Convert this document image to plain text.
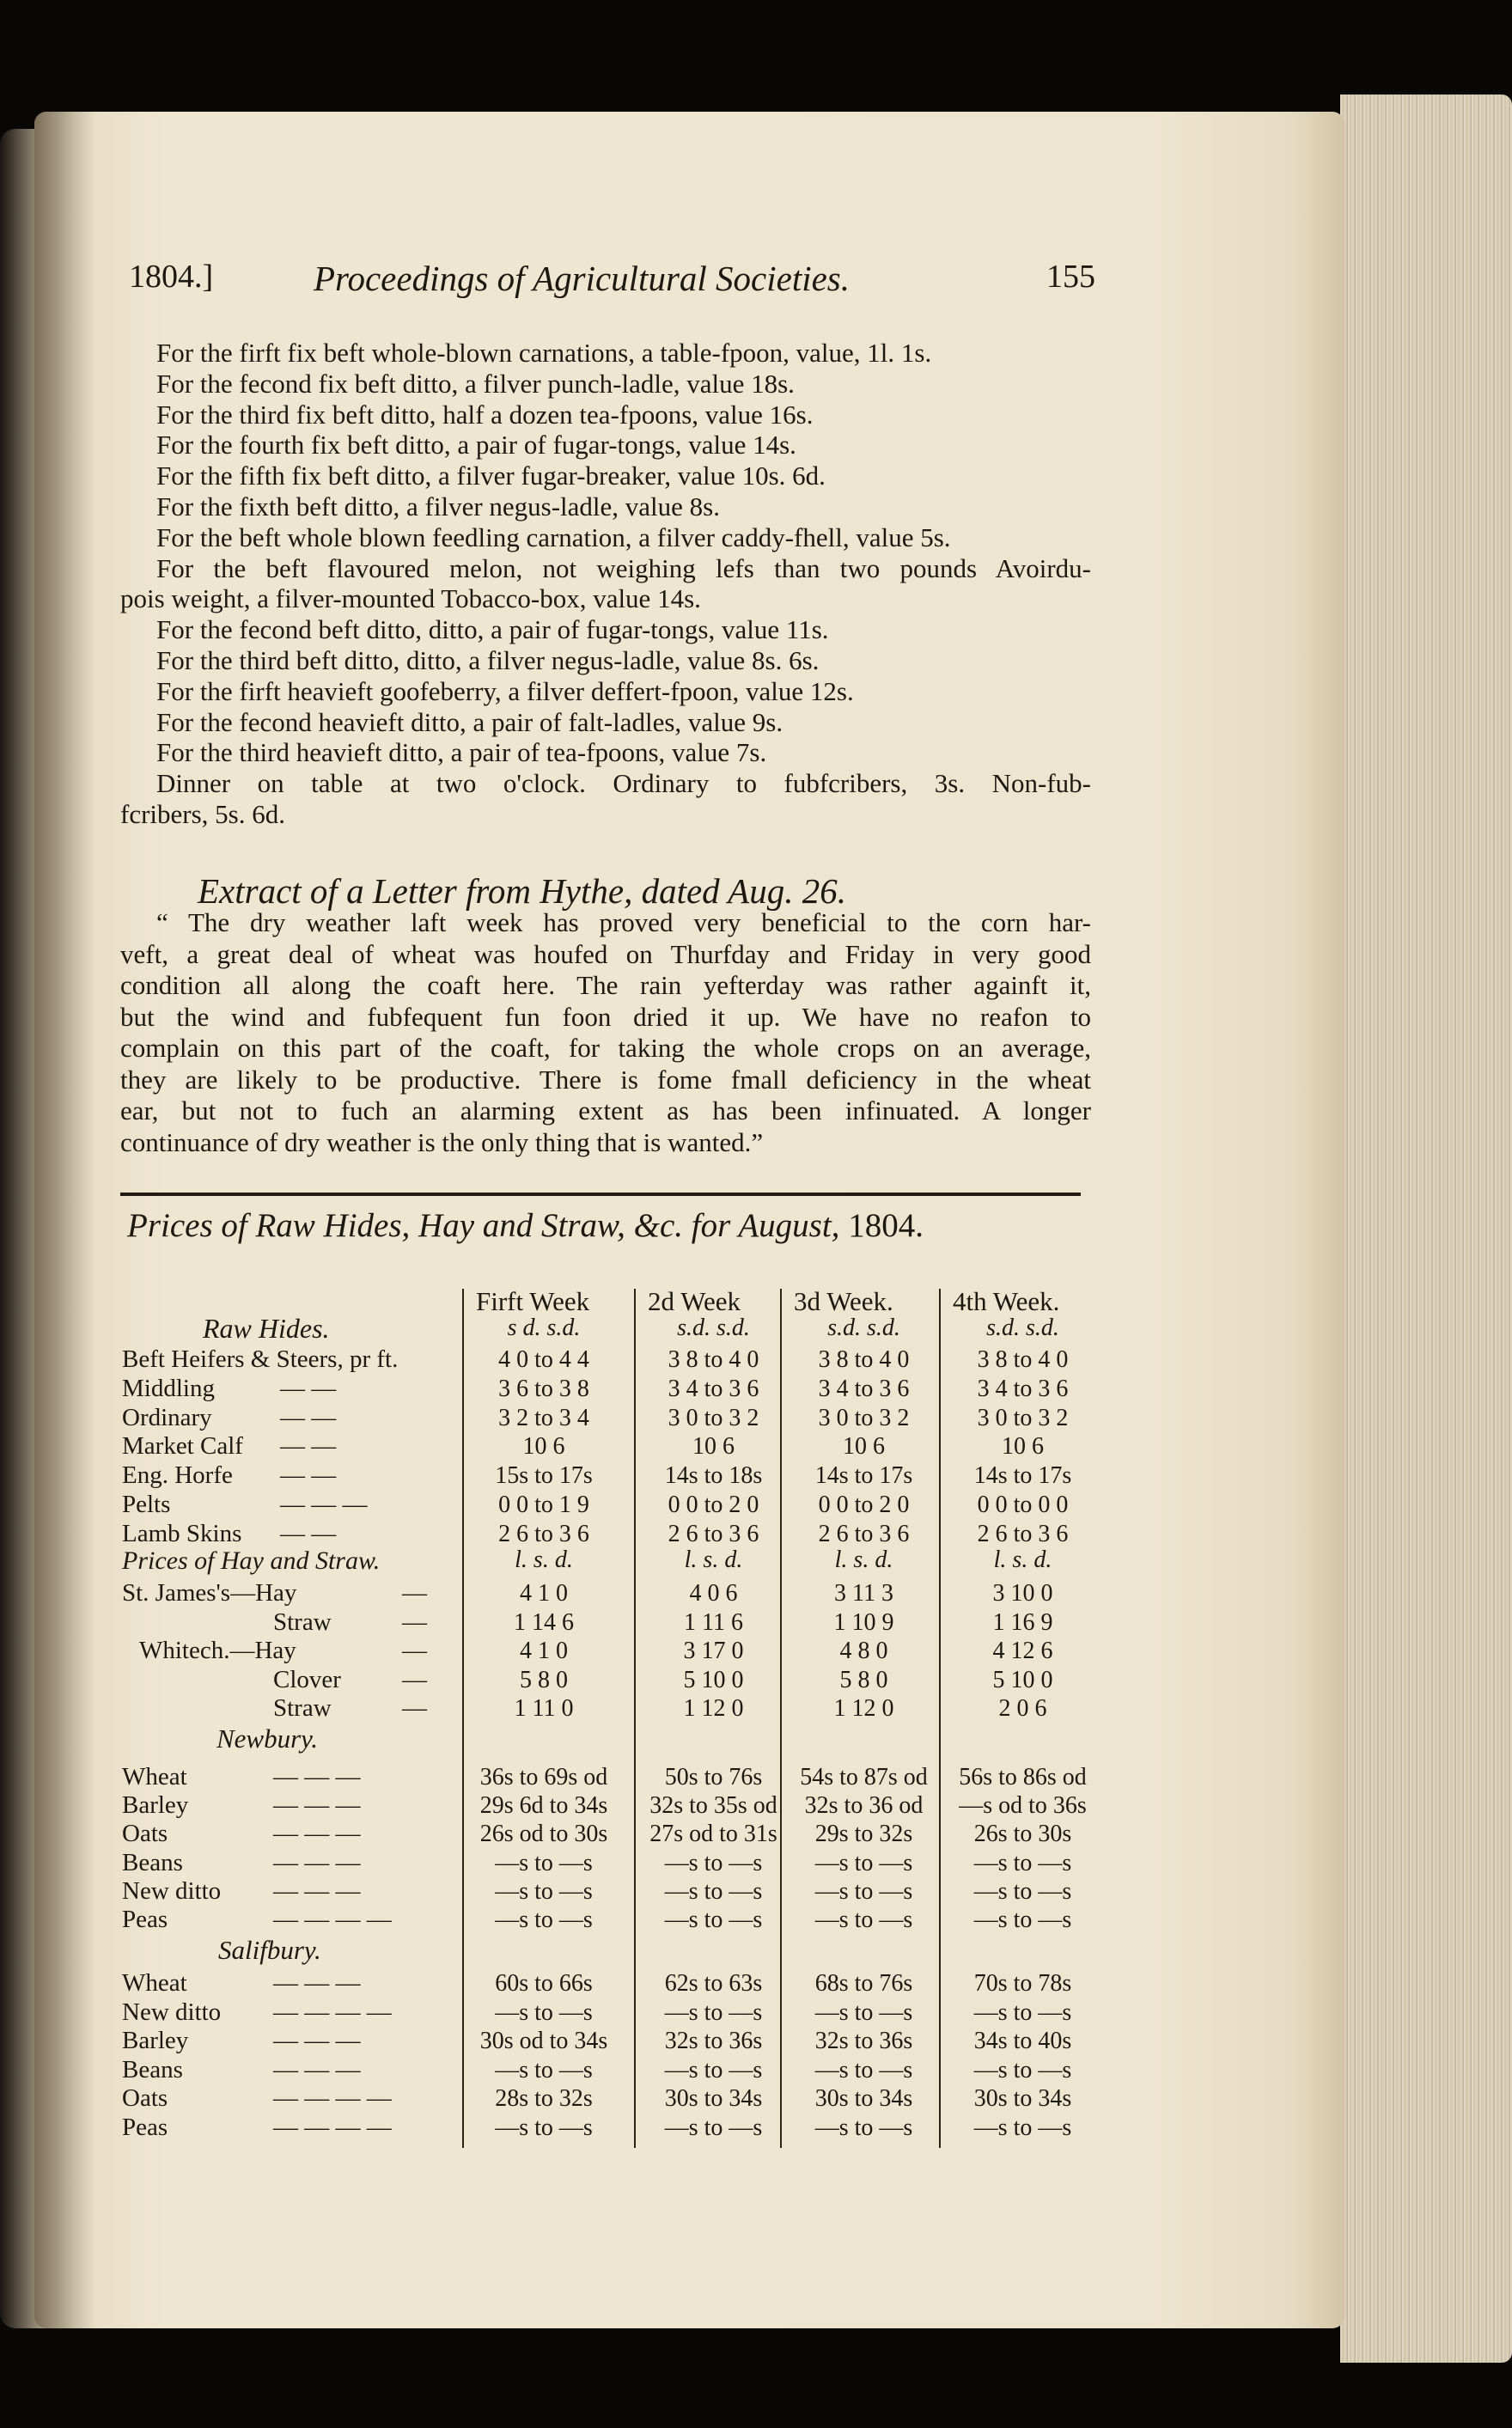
1804.]	Proceedings of Agricultural Societies.	155
For the firft fix beft whole-blown carnations, a table-fpoon, value, 1l. 1s.
For the fecond fix beft ditto, a filver punch-ladle, value 18s.
For the third fix beft ditto, half a dozen tea-fpoons, value 16s.
For the fourth fix beft ditto, a pair of fugar-tongs, value 14s.
For the fifth fix beft ditto, a filver fugar-breaker, value 10s. 6d.
For the fixth beft ditto, a filver negus-ladle, value 8s.
For the beft whole blown feedling carnation, a filver caddy-fhell, value 5s.
For the beft flavoured melon, not weighing lefs than two pounds Avoirdu-
pois weight, a filver-mounted Tobacco-box, value 14s.
For the fecond beft ditto, ditto, a pair of fugar-tongs, value 11s.
For the third beft ditto, ditto, a filver negus-ladle, value 8s. 6s.
For the firft heavieft goofeberry, a filver deffert-fpoon, value 12s.
For the fecond heavieft ditto, a pair of falt-ladles, value 9s.
For the third heavieft ditto, a pair of tea-fpoons, value 7s.
Dinner on table at two o'clock. Ordinary to fubfcribers, 3s. Non-fub-
fcribers, 5s. 6d.
Extract of a Letter from Hythe, dated Aug. 26.
“ The dry weather laft week has proved very beneficial to the corn har-
veft, a great deal of wheat was houfed on Thurfday and Friday in very good
condition all along the coaft here. The rain yefterday was rather againft it,
but the wind and fubfequent fun foon dried it up. We have no reafon to
complain on this part of the coaft, for taking the whole crops on an average,
they are likely to be productive. There is fome fmall deficiency in the wheat
ear, but not to fuch an alarming extent as has been infinuated. A longer
continuance of dry weather is the only thing that is wanted.”
Prices of Raw Hides, Hay and Straw, &c. for August, 1804.
Firft Week 2d Week 3d Week. 4th Week.
Raw Hides.	s d. s.d.	s.d. s.d.	s.d. s.d.	s.d. s.d.
Beft Heifers & Steers, pr ft.	4 0 to 4 4	3 8 to 4 0	3 8 to 4 0	3 8 to 4 0
Middling	— —	3 6 to 3 8	3 4 to 3 6	3 4 to 3 6	3 4 to 3 6
Ordinary	— —	3 2 to 3 4	3 0 to 3 2	3 0 to 3 2	3 0 to 3 2
Market Calf — —	10 6	10 6	10 6	10 6
Eng. Horfe — —	15s to 17s	14s to 18s	14s to 17s	14s to 17s
Pelts	— — —	0 0 to 1 9	0 0 to 2 0	0 0 to 2 0	0 0 to 0 0
Lamb Skins — —	2 6 to 3 6	2 6 to 3 6	2 6 to 3 6	2 6 to 3 6
Prices of Hay and Straw.	l. s. d.	l. s. d.	l. s. d.	l. s. d.
St. James's—Hay	—	4 1 0	4 0 6	3 11 3	3 10 0
Straw	—	1 14 6	1 11 6	1 10 9	1 16 9
Whitech.—Hay	—	4 1 0	3 17 0	4 8 0	4 12 6
Clover —	5 8 0	5 10 0	5 8 0	5 10 0
Straw	—	1 11 0	1 12 0	1 12 0	2 0 6
Newbury.
Wheat	— — —	36s to 69s od	50s to 76s	54s to 87s od	56s to 86s od
Barley	— — —	29s 6d to 34s	32s to 35s od	32s to 36 od	—s od to 36s
Oats	— — —	26s od to 30s	27s od to 31s	29s to 32s	26s to 30s
Beans	— — —	—s to —s	—s to —s	—s to —s	—s to —s
New ditto — — —	—s to —s	—s to —s	—s to —s	—s to —s
Peas	— — — —	—s to —s	—s to —s	—s to —s	—s to —s
Salifbury.
Wheat	— — —	60s to 66s	62s to 63s	68s to 76s	70s to 78s
New ditto — — — —	—s to —s	—s to —s	—s to —s	—s to —s
Barley	— — —	30s od to 34s	32s to 36s	32s to 36s	34s to 40s
Beans	— — —	—s to —s	—s to —s	—s to —s	—s to —s
Oats	— — — —	28s to 32s	30s to 34s	30s to 34s	30s to 34s
Peas	— — — —	—s to —s	—s to —s	—s to —s	—s to —s
